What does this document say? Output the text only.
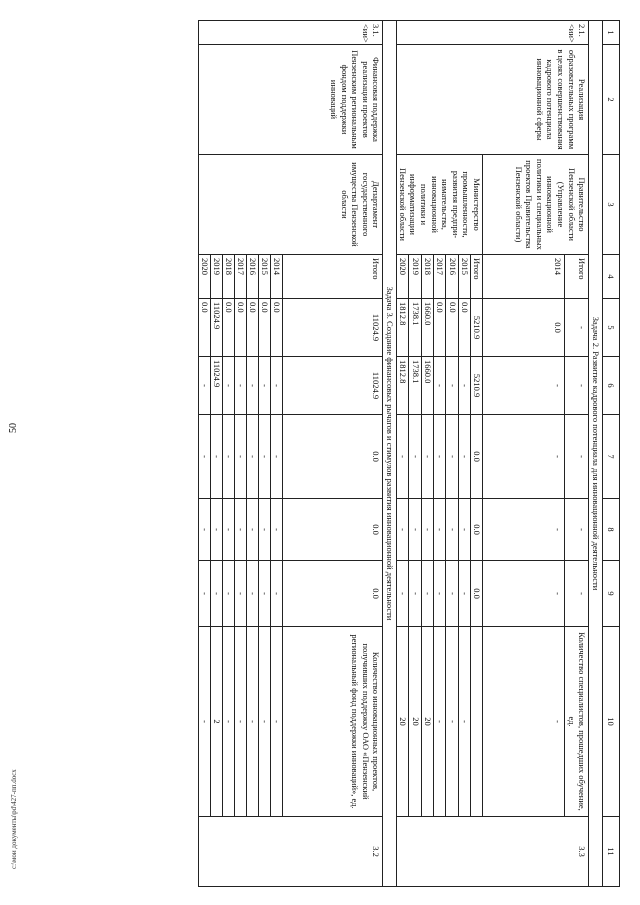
50
1	2	3	4	5	6	7	8	9	10	11
Задача 2. Развитие кадрового потенциала для инновационной деятельности										
2.1. <ии>	Реализация образовательных программ в целях совершенствования кадрового потенциала инновационной сферы	Правительство Пензенской области (Управление инновационной политики и специальных проектов Правительства Пензенской области)	Итого	-	-	-	-	-	Количество специалистов, прошедших обучение, ед.	3.3
			2014	0.0	-	-	-	-	-	
		Министерство промышленности, развития предпри-нимательства, инновационной политики и информатизации Пензенской области	Итого	5210.9	5210.9	0.0	0.0	0.0		
			2015	0.0	-	-	-	-	-	
			2016	0.0	-	-	-	-	-	
			2017	0.0	-	-	-	-	-	
			2018	1660.0	1660.0	-	-	-	20	
			2019	1738.1	1738.1	-	-	-	20	
			2020	1812.8	1812.8	-	-	-	20	
Задача 3. Создание финансовых рычагов и стимулов развития инновационной деятельности										
3.1. <ии>	Финансовая поддержка реализации проектов Пензенским региональным фондом поддержки инноваций	Департамент государственного имущества Пензенской области	Итого	11024.9	11024.9	0.0	0.0	0.0	Количество инновационных проектов, получивших поддержку ОАО «Пензенский региональный фонд поддержки инноваций», ед.	3.2
			2014	0.0	-	-	-	-	-	
			2015	0.0	-	-	-	-	-	
			2016	0.0	-	-	-	-	-	
			2017	0.0	-	-	-	-	-	
			2018	0.0	-	-	-	-	-	
			2019	11024.9	11024.9	-	-	-	2	
			2020	0.0	-	-	-	-	-	
c:\мои документы\pd\427-пп.docx
